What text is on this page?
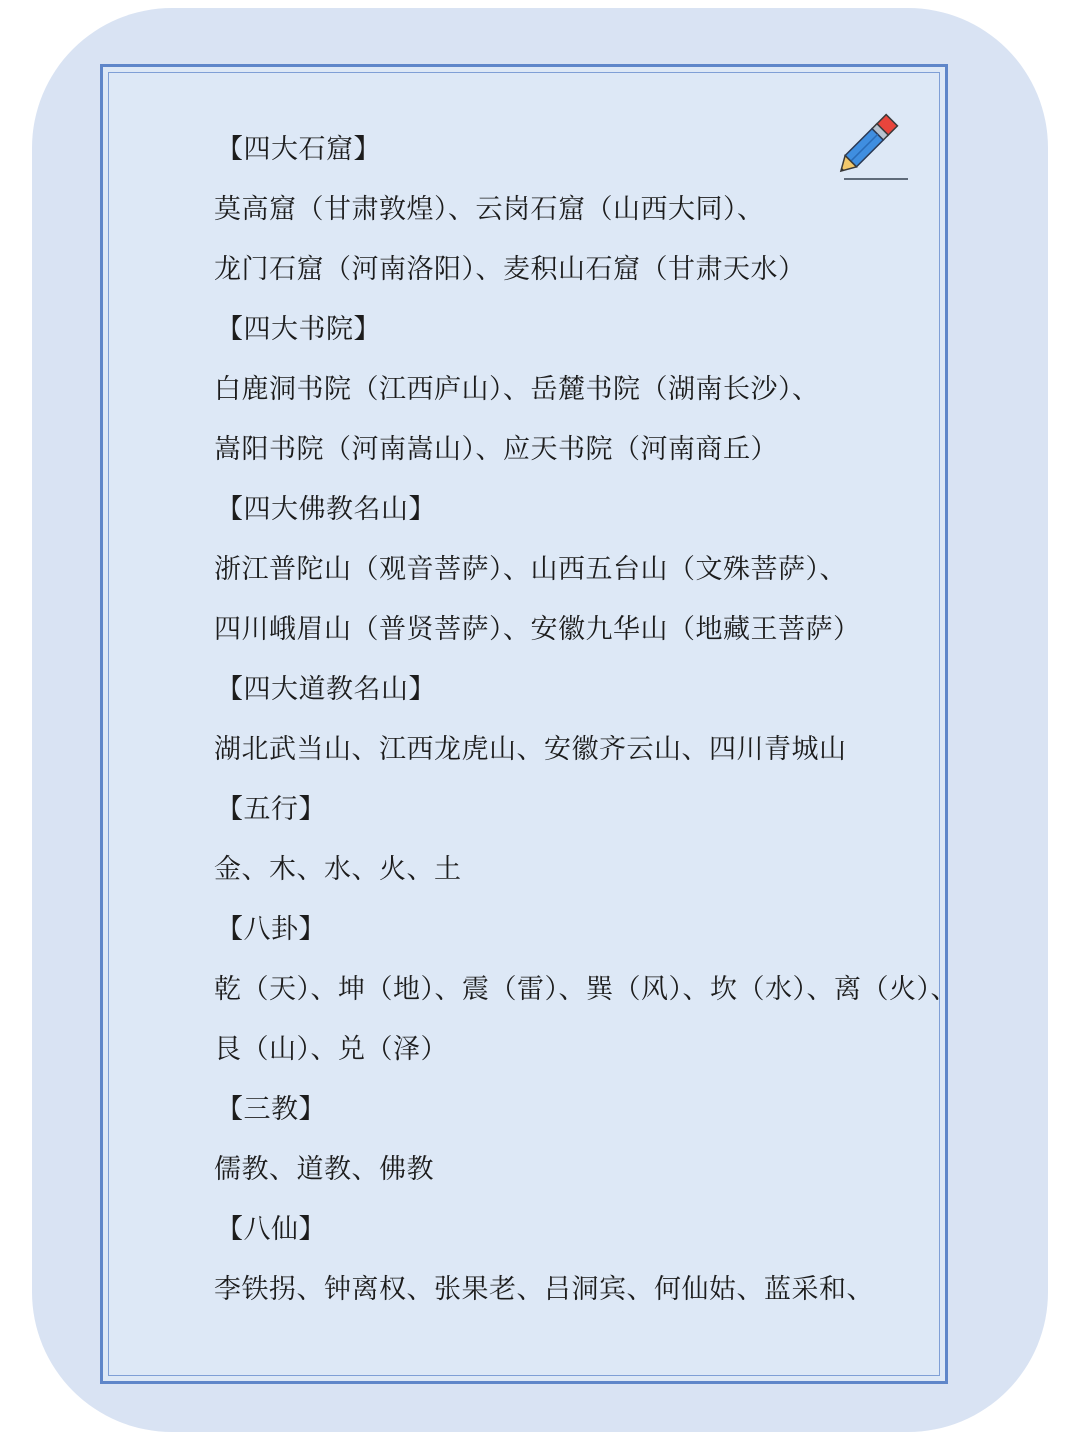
【四大石窟】
莫高窟（甘肃敦煌）、云岗石窟（山西大同）、
龙门石窟（河南洛阳）、麦积山石窟（甘肃天水）
【四大书院】
白鹿洞书院（江西庐山）、岳麓书院（湖南长沙）、
嵩阳书院（河南嵩山）、应天书院（河南商丘）
【四大佛教名山】
浙江普陀山（观音菩萨）、山西五台山（文殊菩萨）、
四川峨眉山（普贤菩萨）、安徽九华山（地藏王菩萨）
【四大道教名山】
湖北武当山、江西龙虎山、安徽齐云山、四川青城山
【五行】
金、木、水、火、土
【八卦】
乾（天）、坤（地）、震（雷）、巽（风）、坎（水）、离（火）、
艮（山）、兑（泽）
【三教】
儒教、道教、佛教
【八仙】
李铁拐、钟离权、张果老、吕洞宾、何仙姑、蓝采和、
